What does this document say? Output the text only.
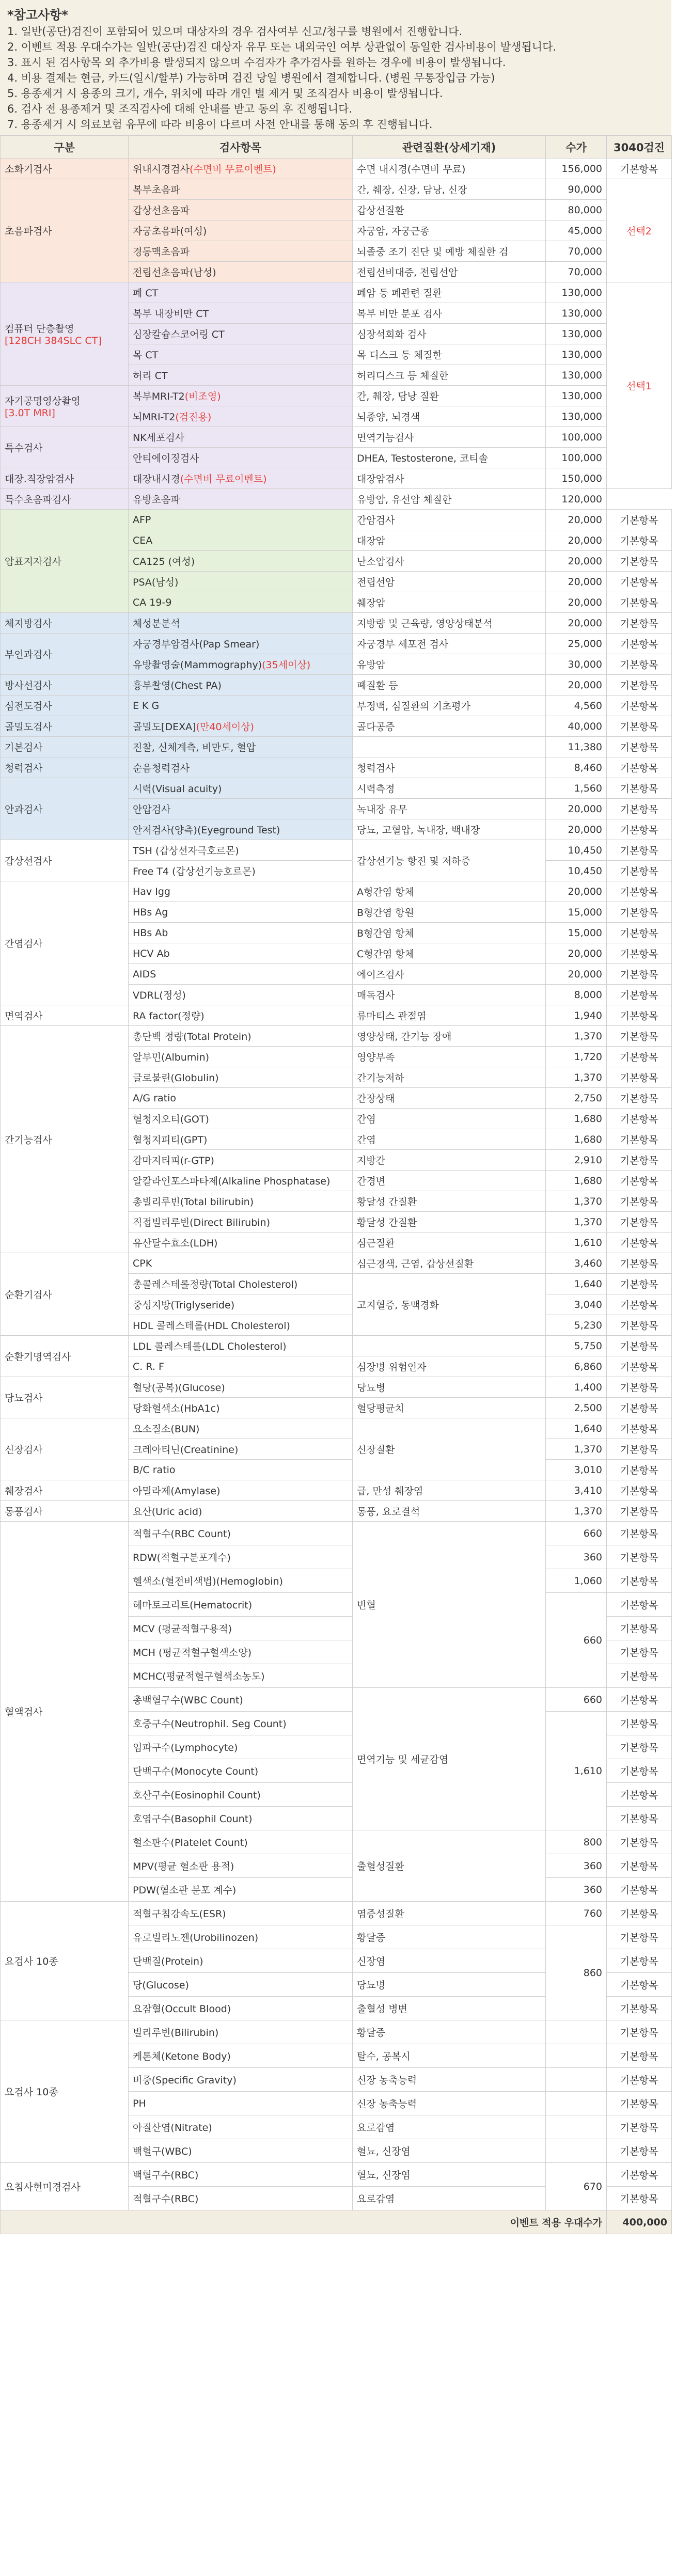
*참고사항*
1. 일반(공단)검진이 포함되어 있으며 대상자의 경우 검사여부 신고/청구를 병원에서 진행합니다.
2. 이벤트 적용 우대수가는 일반(공단)검진 대상자 유무 또는 내외국인 여부 상관없이 동일한 검사비용이 발생됩니다.
3. 표시 된 검사항목 외 추가비용 발생되지 않으며 수검자가 추가검사를 원하는 경우에 비용이 발생됩니다.
4. 비용 결제는 현금, 카드(일시/할부) 가능하며 검진 당일 병원에서 결제합니다. (병원 무통장입금 가능)
5. 용종제거 시 용종의 크기, 개수, 위치에 따라 개인 별 제거 및 조직검사 비용이 발생됩니다.
6. 검사 전 용종제거 및 조직검사에 대해 안내를 받고 동의 후 진행됩니다.
7. 용종제거 시 의료보험 유무에 따라 비용이 다르며 사전 안내를 통해 동의 후 진행됩니다.
구분	검사항목	관련질환(상세기재)	수가	3040검진
소화기검사	위내시경검사(수면비 무료이벤트)	수면 내시경(수면비 무료)	156,000	기본항목
초음파검사	복부초음파	간, 췌장, 신장, 담낭, 신장	90,000	선택2
	갑상선초음파	갑상선질환	80,000	
	자궁초음파(여성)	자궁암, 자궁근종	45,000	
	경동맥초음파	뇌졸중 조기 진단 및 예방 체질한 검	70,000	
	전립선초음파(남성)	전립선비대증, 전립선암	70,000	
컴퓨터 단층촬영
[128CH 384SLC CT]	폐 CT	폐암 등 폐관련 질환	130,000	선택1
	복부 내장비만 CT	복부 비만 분포 검사	130,000	
	심장칼슘스코어링 CT	심장석회화 검사	130,000	
	목 CT	목 디스크 등 체질한	130,000	
	허리 CT	허리디스크 등 체질한	130,000	
자기공명영상촬영
[3.0T MRI]	복부MRI-T2(비조영)	간, 췌장, 담낭 질환	130,000	
	뇌MRI-T2(검진용)	뇌종양, 뇌경색	130,000	
특수검사	NK세포검사	면역기능검사	100,000	
	안티에이징검사	DHEA, Testosterone, 코티솔	100,000	
대장.직장암검사	대장내시경(수면비 무료이벤트)	대장암검사	150,000	
특수초음파검사	유방초음파	유방암, 유선암 체질한	120,000	
암표지자검사	AFP	간암검사	20,000	기본항목
	CEA	대장암	20,000	기본항목
	CA125 (여성)	난소암검사	20,000	기본항목
	PSA(남성)	전립선암	20,000	기본항목
	CA 19-9	췌장암	20,000	기본항목
체지방검사	체성분분석	지방량 및 근육량, 영양상태분석	20,000	기본항목
부인과검사	자궁경부암검사(Pap Smear)	자궁경부 세포전 검사	25,000	기본항목
	유방촬영술(Mammography)(35세이상)	유방암	30,000	기본항목
방사선검사	흉부촬영(Chest PA)	폐질환 등	20,000	기본항목
심전도검사	E K G	부정맥, 심질환의 기초평가	4,560	기본항목
골밀도검사	골밀도[DEXA](만40세이상)	골다공증	40,000	기본항목
기본검사	진찰, 신체계측, 비만도, 혈압		11,380	기본항목
청력검사	순음청력검사	청력검사	8,460	기본항목
안과검사	시력(Visual acuity)	시력측정	1,560	기본항목
	안압검사	녹내장 유무	20,000	기본항목
	안저검사(양측)(Eyeground Test)	당뇨, 고혈압, 녹내장, 백내장	20,000	기본항목
갑상선검사	TSH (갑상선자극호르몬)	갑상선기능 항진 및 저하증	10,450	기본항목
	Free T4 (갑상선기능호르몬)		10,450	기본항목
간염검사	Hav Igg	A형간염 항체	20,000	기본항목
	HBs Ag	B형간염 항원	15,000	기본항목
	HBs Ab	B형간염 항체	15,000	기본항목
	HCV Ab	C형간염 항체	20,000	기본항목
	AIDS	에이즈검사	20,000	기본항목
	VDRL(정성)	매독검사	8,000	기본항목
면역검사	RA factor(정량)	류마티스 관절염	1,940	기본항목
간기능검사	총단백 정량(Total Protein)	영양상태, 간기능 장애	1,370	기본항목
	알부민(Albumin)	영양부족	1,720	기본항목
	글로불린(Globulin)	간기능저하	1,370	기본항목
	A/G ratio	간장상태	2,750	기본항목
	혈청지오티(GOT)	간염	1,680	기본항목
	혈청지피티(GPT)	간염	1,680	기본항목
	감마지티피(r-GTP)	지방간	2,910	기본항목
	알칼라인포스파타제(Alkaline Phosphatase)	간경변	1,680	기본항목
	총빌리루빈(Total bilirubin)	황달성 간질환	1,370	기본항목
	직접빌리루빈(Direct Bilirubin)	황달성 간질환	1,370	기본항목
	유산탈수효소(LDH)	심근질환	1,610	기본항목
순환기검사	CPK	심근경색, 근염, 갑상선질환	3,460	기본항목
	총콜레스테롤정량(Total Cholesterol)	고지혈증, 동맥경화	1,640	기본항목
	중성지방(Triglyseride)		3,040	기본항목
	HDL 콜레스테롤(HDL Cholesterol)		5,230	기본항목
순환기명역검사	LDL 콜레스테롤(LDL Cholesterol)		5,750	기본항목
	C. R. F	심장병 위험인자	6,860	기본항목
당뇨검사	혈당(공복)(Glucose)	당뇨병	1,400	기본항목
	당화혈색소(HbA1c)	혈당평균치	2,500	기본항목
신장검사	요소질소(BUN)	신장질환	1,640	기본항목
	크레아티닌(Creatinine)		1,370	기본항목
	B/C ratio		3,010	기본항목
췌장검사	아밀라제(Amylase)	급, 만성 췌장염	3,410	기본항목
통풍검사	요산(Uric acid)	통풍, 요로결석	1,370	기본항목
혈액검사	적혈구수(RBC Count)	빈혈	660	기본항목
	RDW(적혈구분포계수)		360	기본항목
	헬색소(혈전비색법)(Hemoglobin)		1,060	기본항목
	헤마토크리트(Hematocrit)		660	기본항목
	MCV (평균적혈구용적)			기본항목
	MCH (평균적혈구혈색소양)			기본항목
	MCHC(평균적혈구혈색소농도)			기본항목
	총백혈구수(WBC Count)	면역기능 및 세균감염	660	기본항목
	호중구수(Neutrophil. Seg Count)		1,610	기본항목
	임파구수(Lymphocyte)			기본항목
	단백구수(Monocyte Count)			기본항목
	호산구수(Eosinophil Count)			기본항목
	호염구수(Basophil Count)			기본항목
	혈소판수(Platelet Count)	출혈성질환	800	기본항목
	MPV(평균 혈소판 용적)		360	기본항목
	PDW(혈소판 분포 계수)		360	기본항목
요검사 10종	적혈구침강속도(ESR)	염증성질환	760	기본항목
	유로빌리노젠(Urobilinozen)	황달증	860	기본항목
	단백질(Protein)	신장염		기본항목
	당(Glucose)	당뇨병		기본항목
	요잠혈(Occult Blood)	출혈성 병변		기본항목
요검사 10종	빌리루빈(Bilirubin)	황달증		기본항목
	케톤체(Ketone Body)	탈수, 공복시		기본항목
	비중(Specific Gravity)	신장 농축능력		기본항목
	PH	신장 농축능력		기본항목
	아질산염(Nitrate)	요로감염		기본항목
	백혈구(WBC)	혈뇨, 신장염		기본항목
요침사현미경검사	백혈구수(RBC)	혈뇨, 신장염	670	기본항목
	적혈구수(RBC)	요로감염		기본항목
이벤트 적용 우대수가				400,000
